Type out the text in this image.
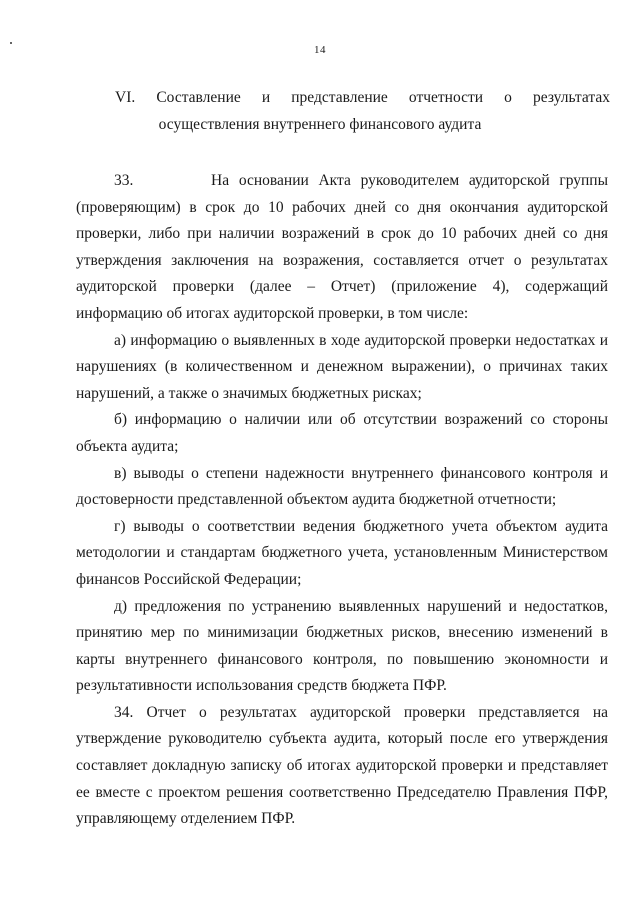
14
VI. Составление и представление отчетности о результатах
осуществления внутреннего финансового аудита

33.        На основании Акта руководителем аудиторской группы (проверяющим) в срок до 10 рабочих дней со дня окончания аудиторской проверки, либо при наличии возражений в срок до 10 рабочих дней со дня утверждения заключения на возражения, составляется отчет о результатах аудиторской проверки (далее – Отчет) (приложение 4), содержащий информацию об итогах аудиторской проверки, в том числе:

а) информацию о выявленных в ходе аудиторской проверки недостатках и нарушениях (в количественном и денежном выражении), о причинах таких нарушений, а также о значимых бюджетных рисках;

б) информацию о наличии или об отсутствии возражений со стороны объекта аудита;

в) выводы о степени надежности внутреннего финансового контроля и достоверности представленной объектом аудита бюджетной отчетности;

г) выводы о соответствии ведения бюджетного учета объектом аудита методологии и стандартам бюджетного учета, установленным Министерством финансов Российской Федерации;

д) предложения по устранению выявленных нарушений и недостатков, принятию мер по минимизации бюджетных рисков, внесению изменений в карты внутреннего финансового контроля, по повышению экономности и результативности использования средств бюджета ПФР.

34. Отчет о результатах аудиторской проверки представляется на утверждение руководителю субъекта аудита, который после его утверждения составляет докладную записку об итогах аудиторской проверки и представляет ее вместе с проектом решения соответственно Председателю Правления ПФР, управляющему отделением ПФР.
